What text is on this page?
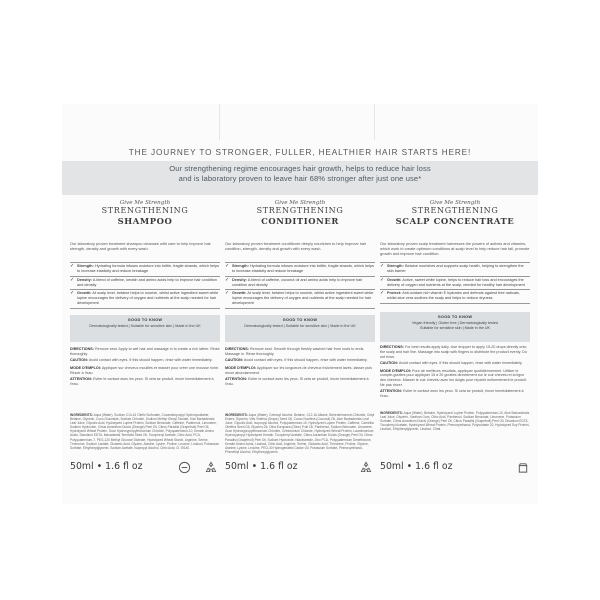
THE JOURNEY TO STRONGER, FULLER, HEALTHIER HAIR STARTS HERE!
Our strengthening regime encourages hair growth, helps to reduce hair loss
and is laboratory proven to leave hair 68% stronger after just one use*
Give Me Strength
STRENGTHENING
SHAMPOO
Our laboratory proven treatment shampoo cleanses with care to help improve hair strength, density and growth with every wash.
✓ Strength: Hydrating formula infuses moisture into brittle, fragile strands, which helps to increase elasticity and reduce breakage
✓ Density: A blend of caffeine, keratin and amino acids help to improve hair condition and density
✓ Growth: At scalp level, betaine helps to nourish, whilst active ingredient sweet white lupine encourages the delivery of oxygen and nutrients at the scalp needed for hair development
Give Me Strength
STRENGTHENING
CONDITIONER
Our laboratory proven treatment conditioner deeply nourishes to help improve hair condition, strength, density and growth with every wash.
✓ Strength: Hydrating formula infuses moisture into brittle, fragile strands, which helps to increase elasticity and reduce breakage
✓ Density: A blend of caffeine, coconut oil and amino acids help to improve hair condition and density
✓ Growth: At scalp level, betaine helps to nourish, whilst active ingredient sweet white lupine encourages the delivery of oxygen and nutrients at the scalp needed for hair development
Give Me Strength
STRENGTHENING
SCALP CONCENTRATE
Our laboratory proven scalp treatment harnesses the powers of actives and vitamins, which work to create optimum conditions at scalp level to help reduce hair fall, promote growth and improve hair condition.
✓ Strength: Betaine nourishes and supports scalp health, helping to strengthen the skin barrier
✓ Growth: Active, sweet white lupine, helps to reduce hair loss and encourages the delivery of oxygen and nutrients at the scalp, needed for healthy hair development
✓ Protect: Anti-oxidant rich vitamin E hydrates and defends against free radicals, whilst aloe vera soothes the scalp and helps to reduce dryness
GOOD TO KNOW
Dermatologically tested | Suitable for sensitive skin | Made in the UK
GOOD TO KNOW
Dermatologically tested | Suitable for sensitive skin | Made in the UK
GOOD TO KNOW
Vegan friendly | Gluten free | Dermatologically tested
Suitable for sensitive skin | Made in the UK

DIRECTIONS: Remove seal. Apply to wet hair and massage in to create a rich lather. Rinse thoroughly.

CAUTION: Avoid contact with eyes. If this should happen, rinse with water immediately.

MODE D'EMPLOI: Appliquer sur cheveux mouillés et masser pour créer une mousse riche. Rincer à l'eau.

ATTENTION: Eviter le contact avec les yeux. Si cela se produit, rincer immédiatement à l'eau.

DIRECTIONS: Remove seal. Smooth through freshly washed hair from roots to ends. Massage in. Rinse thoroughly.

CAUTION: Avoid contact with eyes. If this should happen, rinse with water immediately.

MODE D'EMPLOI: Appliquer sur les longueurs de cheveux fraîchement lavés, laisser puis rincer abondamment.

ATTENTION: Eviter le contact avec les yeux. Si cela se produit, rincer immédiatement à l'eau.

DIRECTIONS: For best results apply daily. Use dropper to apply 15-20 drops directly onto the scalp and hair line. Massage into scalp with fingers to distribute the product evenly. Do not rinse.

CAUTION: Avoid contact with eyes. If this should happen, rinse with water immediately.

MODE D'EMPLOI: Pour de meilleurs résultats, appliquer quotidiennement. Utiliser le compte-gouttes pour appliquer 15 à 20 gouttes directement sur le cuir chevelu et la ligne des cheveux. Masser le cuir chevelu avec les doigts pour répartir uniformément le produit. Ne pas rincer.

ATTENTION: Eviter le contact avec les yeux. Si cela se produit, rincer immédiatement à l'eau.

INGREDIENTS: Aqua (Water), Sodium C14-16 Olefin Sulfonate, Cocamidopropyl Hydroxysultaine, Betaine, Glycerin, Coco-Glucoside, Sodium Chloride, Sodium Methyl Oleoyl Taurate, Kiwi Barbadensis Leaf Juice, Glycolic Acid, Hydrolyzed Lupine Protein, Sodium Benzoate, Caffeine, Panthenol, Limonene, Sodium Hydroxide, Citrus Aurantium Dulcis (Orange) Peel Oil, Citrus Paradisi (Grapefruit) Peel Oil, Hydrolyzed Wheat Protein, Guar Hydroxypropyltrimonium Chloride, Polyquaternium-10, Keratin Amino Acids, Disodium EDTA, Macadamia Ternifolia Seed Oil, Tocopheryl Acetate, Citric Acid, PCA, Polyquaternium-7, PEG-120 Methyl Glucose Dioleate, Hydrolyzed Wheat Starch, Arginine, Serine, Threonine, Sodium Lactate, Glutamic Acid, Glycine, Alanine, Lysine, Proline, Leucine, Linalool, Potassium Sorbate, Ethylhexylglycerin, Sodium Acetate, Isopropyl Alcohol, Citric Acid, CI 19140.
INGREDIENTS: Aqua (Water), Cetearyl Alcohol, Betaine, C12-16 Alkane, Behentrimonium Chloride, Cetyl Esters, Glycerin, Vitis Vinifera (Grape) Seed Oil, Cocos Nucifera (Coconut) Oil, Aloe Barbadensis Leaf Juice, Glycolic Acid, Isopropyl Alcohol, Polyquaternium-10, Hydrolyzed Lupine Protein, Caffeine, Camellia Oleifera Seed Oil, Glycerin-26, Olea Europaea (Olive) Fruit Oil, Panthenol, Sodium Benzoate, Limonene, Guar Hydroxypropyltrimonium Chloride, Cetrimonium Chloride, Hydrolyzed Wheat Protein, Laurdimonium Hydroxypropyl Hydrolyzed Keratin, Tocopheryl Acetate, Citrus Aurantium Dulcis (Orange) Peel Oil, Citrus Paradisi (Grapefruit) Peel Oil, Sodium Hydroxide, Niacinamide, Zinc PCA, Polyquaternium Dimethicone, Keratin Amino Acids, Linalool, Citric Acid, Arginine, Serine, Glutamic Acid, Threonine, Proline, Glycine, Alanine, Lysine, Leucine, PEG-40 Hydrogenated Castor Oil, Potassium Sorbate, Phenoxyethanol, Phenethyl Alcohol, Ethylhexylglycerin.
INGREDIENTS: Aqua (Water), Betaine, Hydrolyzed Lupine Protein, Polyquaternium-10, Aloe Barbadensis Leaf Juice, Glycerin, Xanthan Gum, Citric Acid, Panthenol, Sodium Benzoate, Limonene, Potassium Sorbate, Citrus Aurantium Dulcis (Orange) Peel Oil, Citrus Paradisi (Grapefruit) Peel Oil, Disodium EDTA, Tocopheryl Acetate, Hydrolyzed Wheat Protein, Phenoxyethanol, Polysorbate 20, Hydrolyzed Soy Protein, Linalool, Ethylhexylglycerin, Linalool, Citral.
50ml • 1.6 fl oz	50ml • 1.6 fl oz	50ml • 1.6 fl oz
